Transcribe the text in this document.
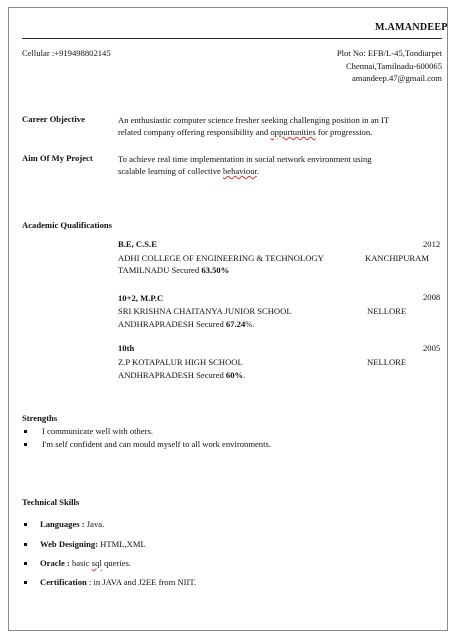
M.AMANDEEP
Cellular :+919498802145	Plot No: EFB/L-45,Tondiarpet
Chennai,Tamilnadu-600065
amandeep.47@gmail.com
Career Objective	An enthusiastic computer science fresher seeking challenging position in an IT
related company offering responsibility and oppurtunities for progression.
Aim Of My Project	To achieve real time implementation in social network environment using
scalable learning of collective behaviour.
Academic Qualifications
B.E, C.S.E	2012
ADHI COLLEGE OF ENGINEERING & TECHNOLOGY	KANCHIPURAM
TAMILNADU Secured 63.50%
10+2, M.P.C	2008
SRI KRISHNA CHAITANYA JUNIOR SCHOOL	NELLORE
ANDHRAPRADESH Secured 67.24%.
10th	2005
Z.P KOTAPALUR HIGH SCHOOL	NELLORE
ANDHRAPRADESH Secured 60%.
Strengths
I communicate well with others.
I'm self confident and can mould myself to all work environments.
Technical Skills
Languages : Java.
Web Designing: HTML,XML
Oracle : basic sql queries.
Certification : in JAVA and J2EE from NIIT.
